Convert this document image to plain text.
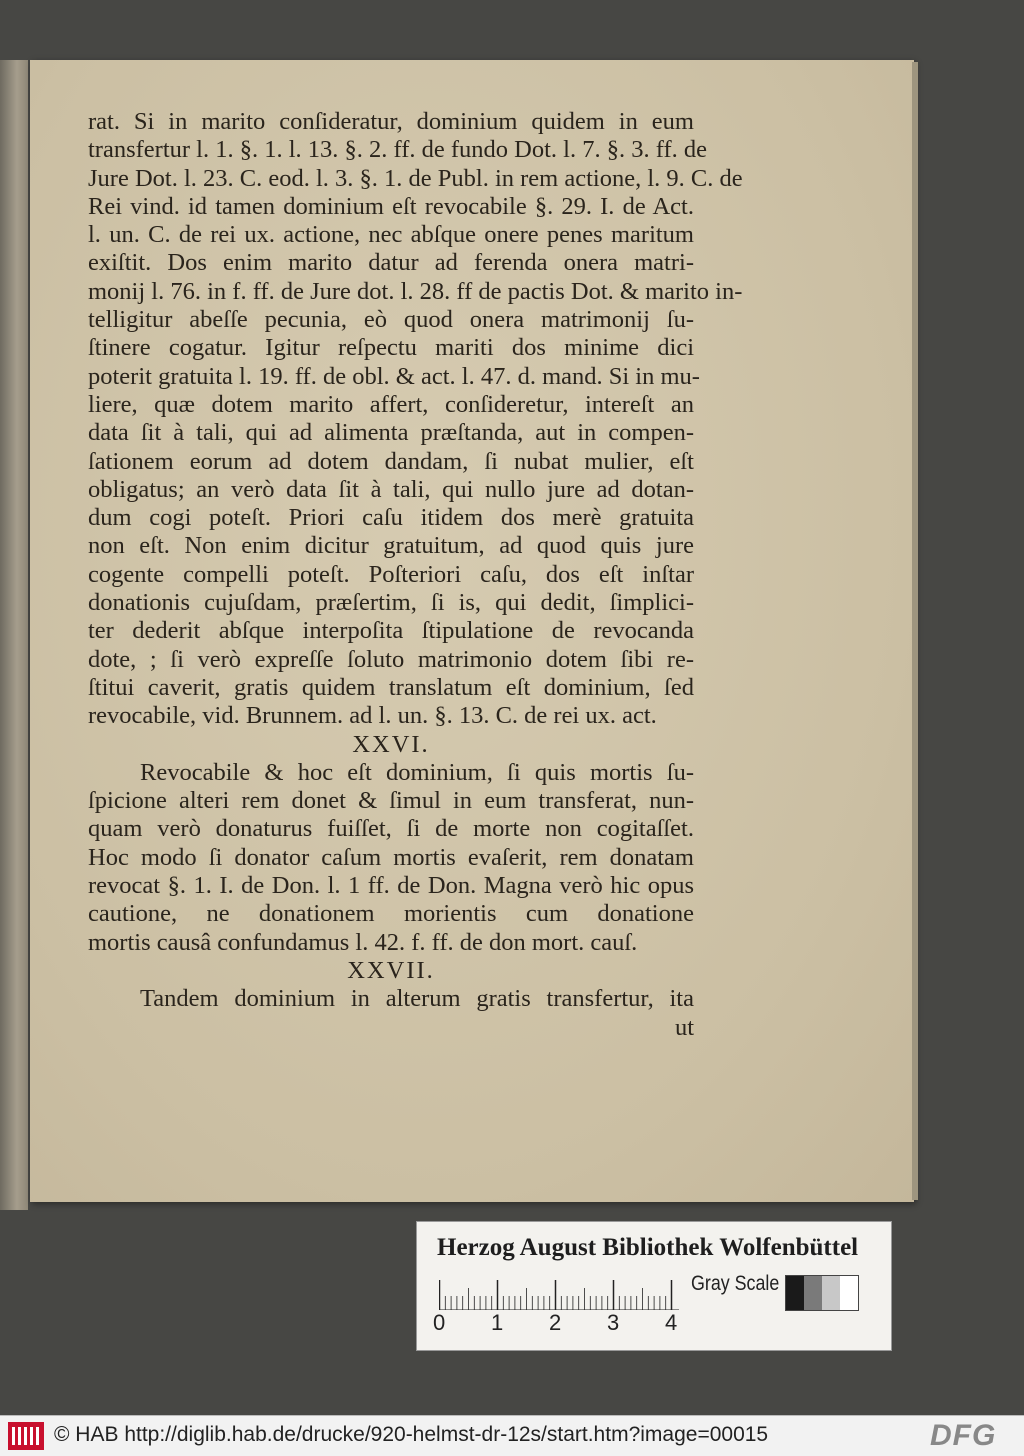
rat. Si in marito conſideratur, dominium quidem in eum
transfertur l. 1. §. 1. l. 13. §. 2. ff. de fundo Dot. l. 7. §. 3. ff. de
Jure Dot. l. 23. C. eod. l. 3. §. 1. de Publ. in rem actione, l. 9. C. de
Rei vind. id tamen dominium eſt revocabile §. 29. I. de Act.
l. un. C. de rei ux. actione, nec abſque onere penes maritum
exiſtit. Dos enim marito datur ad ferenda onera matri-
monij l. 76. in f. ff. de Jure dot. l. 28. ff de pactis Dot. & marito in-
telligitur abeſſe pecunia, eò quod onera matrimonij ſu-
ſtinere cogatur. Igitur reſpectu mariti dos minime dici
poterit gratuita l. 19. ff. de obl. & act. l. 47. d. mand. Si in mu-
liere, quæ dotem marito affert, conſideretur, intereſt an
data ſit à tali, qui ad alimenta præſtanda, aut in compen-
ſationem eorum ad dotem dandam, ſi nubat mulier, eſt
obligatus; an verò data ſit à tali, qui nullo jure ad dotan-
dum cogi poteſt. Priori caſu itidem dos merè gratuita
non eſt. Non enim dicitur gratuitum, ad quod quis jure
cogente compelli poteſt. Poſteriori caſu, dos eſt inſtar
donationis cujuſdam, præſertim, ſi is, qui dedit, ſimplici-
ter dederit abſque interpoſita ſtipulatione de revocanda
dote, ; ſi verò expreſſe ſoluto matrimonio dotem ſibi re-
ſtitui caverit, gratis quidem translatum eſt dominium, ſed
revocabile, vid. Brunnem. ad l. un. §. 13. C. de rei ux. act.
XXVI.
Revocabile & hoc eſt dominium, ſi quis mortis ſu-
ſpicione alteri rem donet & ſimul in eum transferat, nun-
quam verò donaturus fuiſſet, ſi de morte non cogitaſſet.
Hoc modo ſi donator caſum mortis evaſerit, rem donatam
revocat §. 1. I. de Don. l. 1 ff. de Don. Magna verò hic opus
cautione, ne donationem morientis cum donatione
mortis causâ confundamus l. 42. f. ff. de don mort. cauſ.
XXVII.
Tandem dominium in alterum gratis transfertur, ita
ut
Herzog August Bibliothek Wolfenbüttel
0 1 2 3 4
Gray Scale
© HAB http://diglib.hab.de/drucke/920-helmst-dr-12s/start.htm?image=00015	DFG
